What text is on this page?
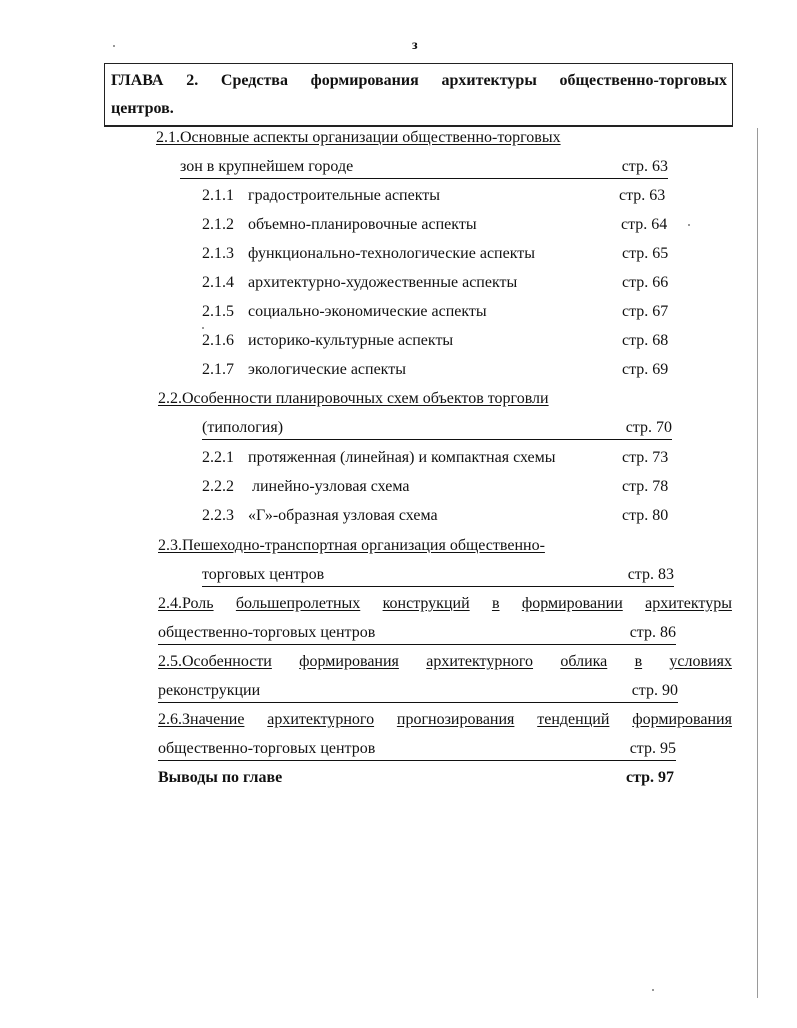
з
ГЛАВА 2. Средства формирования архитектуры общественно-торговых
центров.
2.1.Основные аспекты организации общественно-торговых
зон в крупнейшем городе	стр. 63
2.1.1 градостроительные аспекты	стр. 63
2.1.2 объемно-планировочные аспекты	стр. 64
2.1.3 функционально-технологические аспекты	стр. 65
2.1.4 архитектурно-художественные аспекты	стр. 66
2.1.5 социально-экономические аспекты	стр. 67
2.1.6 историко-культурные аспекты	стр. 68
2.1.7 экологические аспекты	стр. 69
2.2.Особенности планировочных схем объектов торговли
(типология)	стр. 70
2.2.1 протяженная (линейная) и компактная схемы	стр. 73
2.2.2 линейно-узловая схема	стр. 78
2.2.3 «Г»-образная узловая схема	стр. 80
2.3.Пешеходно-транспортная организация общественно-
торговых центров	стр. 83
2.4.Роль большепролетных конструкций в формировании архитектуры
общественно-торговых центров	стр. 86
2.5.Особенности формирования архитектурного облика в условиях
реконструкции	стр. 90
2.6.Значение архитектурного прогнозирования тенденций формирования
общественно-торговых центров	стр. 95
Выводы по главе	стр. 97
